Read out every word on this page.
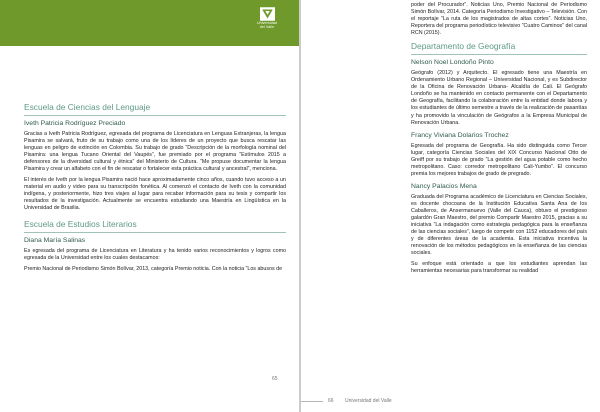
Universidad
del Valle
Escuela de Ciencias del Lenguaje
Iveth Patricia Rodríguez Preciado

Gracias a Iveth Patricia Rodríguez, egresada del programa de Licenciatura en Lenguas Extranjeras, la lengua Pisamira se salvará, fruto de su trabajo como una de los líderes de un proyecto que busca rescatar las lenguas en peligro de extinción en Colombia. Su trabajo de grado “Descripción de la morfología nominal del Pisamira: una lengua Tucano Oriental del Vaupés”, fue premiado por el programa “Estímulos 2015 a defensores de la diversidad cultural y étnica” del Ministerio de Cultura. “Me propuse documentar la lengua Pisamira y crear un alfabeto con el fin de rescatar o fortalecer esta práctica cultural y ancestral”, menciona.

El interés de Iveth por la lengua Pisamira nació hace aproximadamente cinco años, cuando tuvo acceso a un material en audio y video para su transcripción fonética. Al comenzó el contacto de Iveth con la comunidad indígena, y posteriormente, hizo tres viajes al lugar para recabar información para su tesis y compartir los resultados de la investigación. Actualmente se encuentra estudiando una Maestría en Lingüística en la Universidad de Brasilia.

Escuela de Estudios Literarios
Diana María Salinas

Es egresada del programa de Licenciatura en Literatura y ha tenido varios reconocimientos y logros como egresada de la Universidad entre los cuales destacamos:

Premio Nacional de Periodismo Simón Bolívar, 2013, categoría Premio noticia. Con la noticia “Los abusos de

65

poder del Procurador”. Noticias Uno, Premio Nacional de Periodismo Simón Bolívar, 2014. Categoría Periodismo Investigativo – Televisión. Con el reportaje “La ruta de los magistrados de altas cortes”. Noticias Uno, Reportera del programa periodístico televisivo “Cuatro Caminos” del canal RCN (2015).

Departamento de Geografía
Nelson Noel Londoño Pinto

Geógrafo (2012) y Arquitecto. El egresado tiene una Maestría en Ordenamiento Urbano Regional – Universidad Nacional, y es Subdirector de la Oficina de Renovación Urbana- Alcaldía de Cali. El Geógrafo Londoño se ha mantenido en contacto permanente con el Departamento de Geografía, facilitando la colaboración entre la entidad donde labora y los estudiantes de último semestre a través de la realización de pasantías y ha promovido la vinculación de Geógrafos a la Empresa Municipal de Renovación Urbana.

Francy Viviana Dolarios Trochez

Egresada del programa de Geografía. Ha sido distinguida como Tercer lugar, categoría Ciencias Sociales del XIX Concurso Nacional Otto de Greiff por su trabajo de grado “La gestión del agua potable como hecho metropolitano. Caso: corredor metropolitano Cali-Yumbo”. El concurso premia los mejores trabajos de grado de pregrado.

Nancy Palacios Mena

Graduada del Programa académico de Licenciatura en Ciencias Sociales, es docente chocoana de la Institución Educativa Santa Ana de los Caballeros, de Ansermanuevo (Valle del Cauca), obtuvo el prestigioso galardón Gran Maestro, del premio Compartir Maestro 2015, gracias a su iniciativa “La indagación como estrategia pedagógica para la enseñanza de las ciencias sociales”, luego de competir con 1152 educadores del país y de diferentes áreas de la academia. Esta iniciativa incentiva la renovación de los métodos pedagógicos en la enseñanza de las ciencias sociales.

Su enfoque está orientado a que los estudiantes aprendan las herramientas necesarias para transformar su realidad

66 Universidad del Valle
